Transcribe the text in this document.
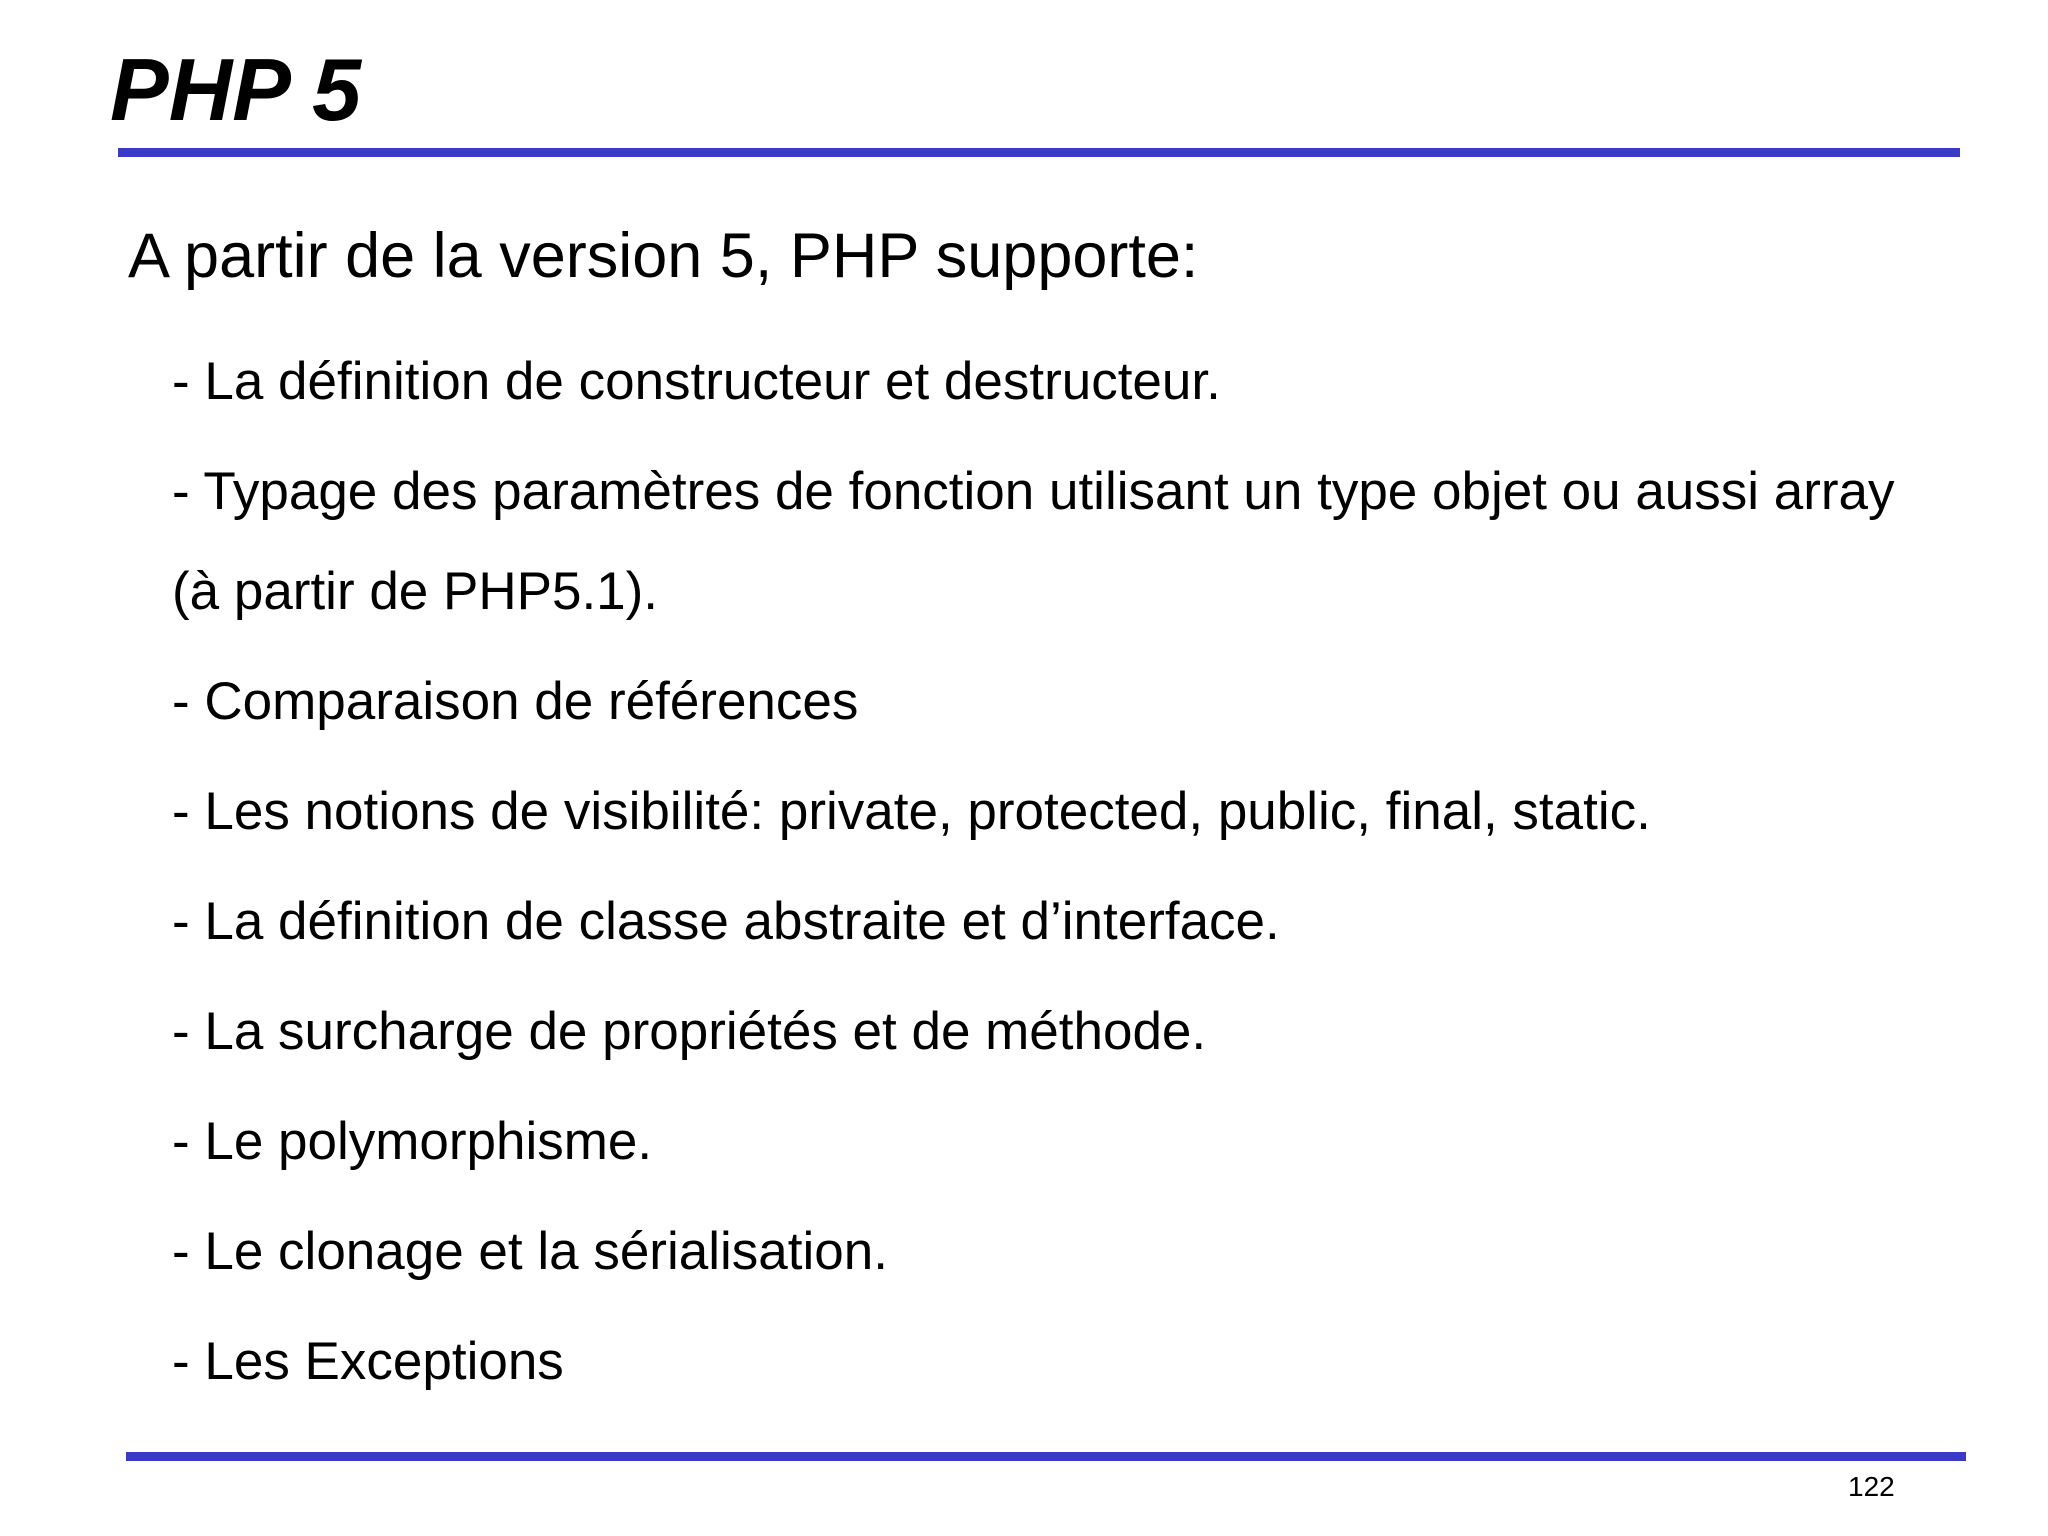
PHP 5

A partir de la version 5, PHP supporte:

- La définition de constructeur et destructeur.
- Typage des paramètres de fonction utilisant un type objet ou aussi array (à partir de PHP5.1).
- Comparaison de références
- Les notions de visibilité: private, protected, public, final, static.
- La définition de classe abstraite et d’interface.
- La surcharge de propriétés et de méthode.
- Le polymorphisme.
- Le clonage et la sérialisation.
- Les Exceptions
122
